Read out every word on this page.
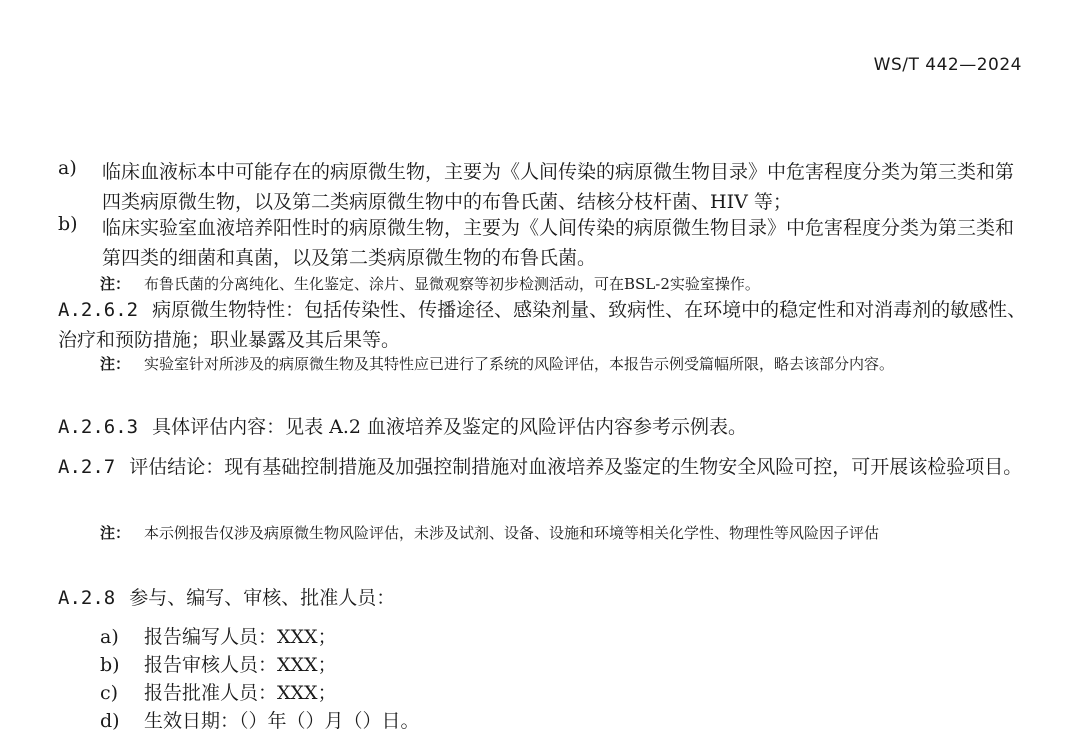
WS/T 442—2024
a) 临床血液标本中可能存在的病原微生物，主要为《人间传染的病原微生物目录》中危害程度分类为第三类和第四类病原微生物，以及第二类病原微生物中的布鲁氏菌、结核分枝杆菌、HIV 等；
b) 临床实验室血液培养阳性时的病原微生物，主要为《人间传染的病原微生物目录》中危害程度分类为第三类和第四类的细菌和真菌，以及第二类病原微生物的布鲁氏菌。
注： 布鲁氏菌的分离纯化、生化鉴定、涂片、显微观察等初步检测活动，可在BSL-2实验室操作。
A.2.6.2 病原微生物特性：包括传染性、传播途径、感染剂量、致病性、在环境中的稳定性和对消毒剂的敏感性、治疗和预防措施；职业暴露及其后果等。
注： 实验室针对所涉及的病原微生物及其特性应已进行了系统的风险评估，本报告示例受篇幅所限，略去该部分内容。
A.2.6.3 具体评估内容：见表 A.2 血液培养及鉴定的风险评估内容参考示例表。
A.2.7 评估结论：现有基础控制措施及加强控制措施对血液培养及鉴定的生物安全风险可控，可开展该检验项目。
注： 本示例报告仅涉及病原微生物风险评估，未涉及试剂、设备、设施和环境等相关化学性、物理性等风险因子评估
A.2.8 参与、编写、审核、批准人员：
a) 报告编写人员：XXX；
b) 报告审核人员：XXX；
c) 报告批准人员：XXX；
d) 生效日期：（）年（）月（）日。
